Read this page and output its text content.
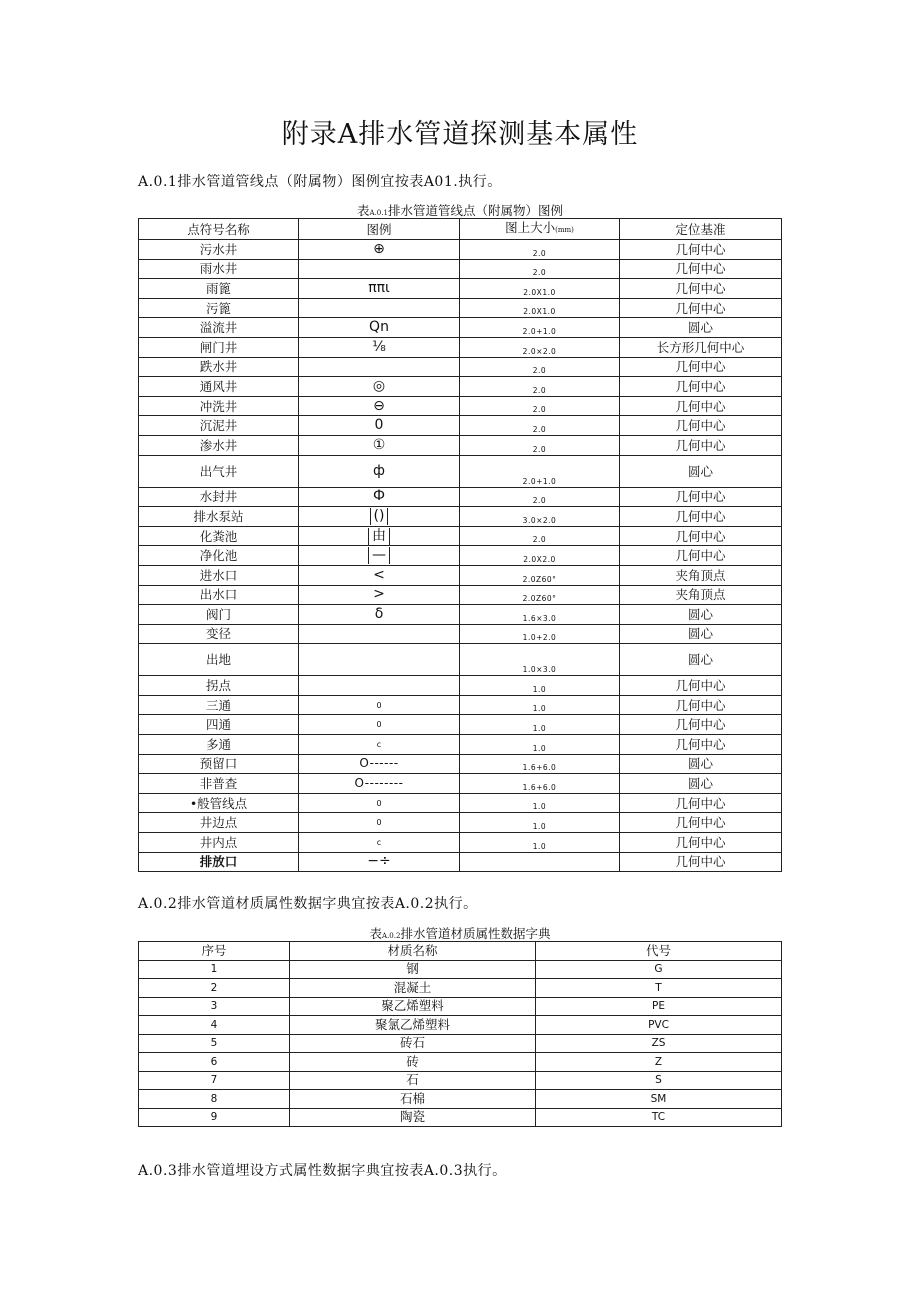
附录A排水管道探测基本属性
A.0.1排水管道管线点（附属物）图例宜按表A01.执行。
表A.0.1排水管道管线点（附属物）图例
点符号名称	图例	图上大小(mm)	定位基准
污水井	⊕	2.0	几何中心
雨水井		2.0	几何中心
雨篦	ππι	2.0X1.0	几何中心
污篦		2.0X1.0	几何中心
溢流井	Qn	2.0+1.0	圆心
闸门井	⅛	2.0×2.0	长方形几何中心
跌水井		2.0	几何中心
通风井	◎	2.0	几何中心
冲洗井	⊖	2.0	几何中心
沉泥井	0	2.0	几何中心
渗水井	①	2.0	几何中心
出气井	ф	2.0+1.0	圆心
水封井	Ф	2.0	几何中心
排水泵站	()	3.0×2.0	几何中心
化粪池	由	2.0	几何中心
净化池	—	2.0X2.0	几何中心
进水口	<	2.0Z60°	夹角顶点
出水口	>	2.0Z60°	夹角顶点
阀门	δ	1.6×3.0	圆心
变径		1.0+2.0	圆心
出地		1.0×3.0	圆心
拐点		1.0	几何中心
三通	0	1.0	几何中心
四通	0	1.0	几何中心
多通	c	1.0	几何中心
预留口	O------	1.6+6.0	圆心
非普查	O--------	1.6+6.0	圆心
•般管线点	0	1.0	几何中心
井边点	0	1.0	几何中心
井内点	c	1.0	几何中心
排放口	−÷		几何中心
A.0.2排水管道材质属性数据字典宜按表A.0.2执行。
表A.0.2排水管道材质属性数据字典
序号	材质名称	代号
1	钢	G
2	混凝土	T
3	聚乙烯塑料	PE
4	聚氯乙烯塑料	PVC
5	砖石	ZS
6	砖	Z
7	石	S
8	石棉	SM
9	陶瓷	TC
A.0.3排水管道埋设方式属性数据字典宜按表A.0.3执行。
